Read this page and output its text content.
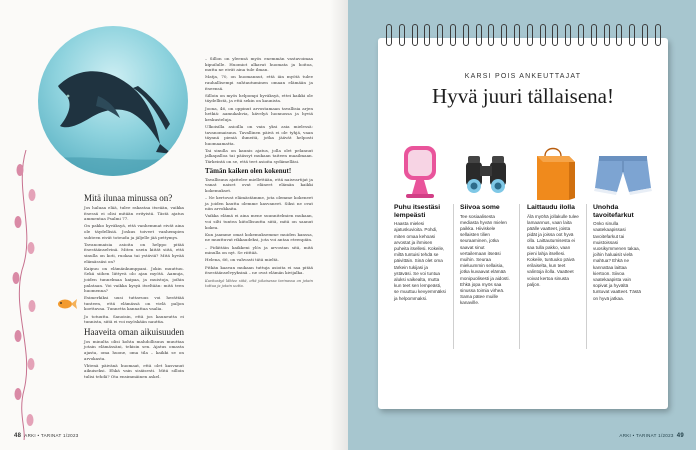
Mitä ilunaa minussa on?

Jos haluaa elää, tulee rakastaa itseään, vaikka itsessä ei olisi mitään erityistä. Tästä ajatus ammentaa Psalmi 77.

On pakko hyväksyä, että vanhemmat eivät aina ole täydellisiä. Joskus toiveet vanhempien suhteen eivät toteudu ja jäljelle jää pettymys.

Tavanomaisia asioita on helppo pitää itsestäänselvinä. Miten usein kiität siitä, että sinulla on koti, ruokaa tai ystäviä? Mitä hyvää elämässäsi on?

Kaipuu on elämänkumppani. Jokin muuttuu. Sekä siihen liittyvä olo ajan myötä. Aamuja, joiden tunnelmaa kaipaa, ja muistoja, joihin palataan. Voi vaikka kysyä itseltään: mitä teen huomenna?

Esimerkiksi uusi tuttavuus voi herättää tunteen, että elämässä on vielä paljon koettavaa. Tunnetta kannattaa vaalia.

Jo totuutta. Sanoisin, että jos kauneutta ei tunnista, siitä ei voi myöskään nauttia.

Haaveita oman aikuisuuden

Jos minulta olisi kohta mahdollisuus muuttaa jotain elämässäni, tekisin sen. Ajatus omasta ajasta, oma huone, oma tila – kaikki se on arvokasta.

Yhtenä päivänä huomaat, että olet kasvanut aikuiseksi. Ehkä vain sisäisesti. Mitä silloin tulisi tehdä? Ota ensimmäinen askel.

– Sillon on yleensä myös enemmän vastavoimaa kipuilulle. Huomiot alkavat huomata ja hoitoa, mutta ne eivät aina tule ilman.

Matja, 70, on huomannut, että iän myötä tulee rauhallisempi suhtautuminen omaan elämään ja itseensä.

Silloin on myös helpompi hyväksyä, ettei kaikki ole täydellistä, ja että sekin on kaunista.

Joona, 46, on oppinut arvostamaan tavallisia arjen hetkiä: aamukahvia, kävelyä luonnossa ja hyviä keskusteluja.

Ulkoisilla asioilla on vain yksi asia mielessä: tavanomaisuus. Tavallinen päivä ei ole tyhjä, vaan täynnä pieniä ihmeitä, jotka jäävät helposti huomaamatta.

Tai sinulla on kaunis ajatus, jolla olet pelannut jalkapalloa tai päässyt mukaan taiteen maailmaan. Tärkeintä on se, että teet asioita sydämelläsi.

Tämän kaiken olen kokenut!

Tavallisuus ajattelee miellettään, että naisvartijat ja vanat naiset ovat eläneet elämän kaikki kokemukset.

– Ne kertovat elämästämme, jota olemme kokeneet ja joiden kautta olemme kasvaneet. Siksi ne ovat niin arvokkaita.

Vaikka elämä ei aina mene suunnitelmien mukaan, voi silti tuntea kiitollisuutta siitä, mitä on saanut kokea.

Kun jaamme omat kokemuksemme muiden kanssa, ne muuttuvat rikkaudeksi, jota voi antaa eteenpäin.

– Pidättäin kaikkeni ylös ja arvostan sitä, mitä minulla on nyt. Se riittää.

Helena, 66, on vahvasti tätä mieltä.

Pitkän kaavan mukaan tuttuja asioita ei saa pitää itsestäänselvyyksinä – ne ovat elämän kivijalka.

Kuvitustyö lähtee siitä, että jokaisessa tarinassa on jotain tuttua ja jotain uutta.

48 ARKI • TARINAT 1/2023
KARSI POIS ANKEUTTAJAT
Hyvä juuri tällaisena!
Puhu itsestäsi lempeästi

Haasta mielesi ajatuskuvioita. Pohdi, miten omaa kehoasi arvostat ja ihmisen puheita itsellesi. Kokeile, miltä tuntuisi tehdä se päivittäin. Sinä olet oma tärkein tukijasi ja ystäväsi. Se voi tuntua aluksi vaikealta, mutta kun teet sen lempeästi, se muuttuu kevyemmäksi ja helpommaksi.

Siivoa some

Tee sosiaalisesta mediasta hyvän mielen paikka. Hiiviskele sellaisten tilien seuraaminen, jotka saavat sinut vertailemaan itseäsi muihin. Seuraa mieluummin sellaisia, jotka kuvaavat elämää monipuolisesti ja aidosti. Ehkä jopa myös saa sinussa toimia virheä. Sama pätee muille kanaville.

Laittaudu ilolla

Älä myöhä jollakulle tulee lamaannus, vaan laita päälle vaatteet, joista pidät ja joissa oot hyvä olla. Laittautumisesta ei saa tulla pakko, vaan pieni lahja itsellesi. Kokeile, tuntuuko päivä erilaiselta, kun teet valintoja ilolla. Vaatteet voivat kertoa sinusta paljon.

Unohda tavoitefarkut

Onko sinulla vaatekaapissasi tavoitefarkut tai muistoissasi vuosikymmenen takaa, joihin haluaisit vielä mahtua? Ehkä ne kannattaa laittaa kiertoon. Siivoa vaatekaapista vain sopivat ja hyvältä tuntuvat vaatteet. Tästä on hyvä jatkaa.

ARKI • TARINAT 1/2023 49
